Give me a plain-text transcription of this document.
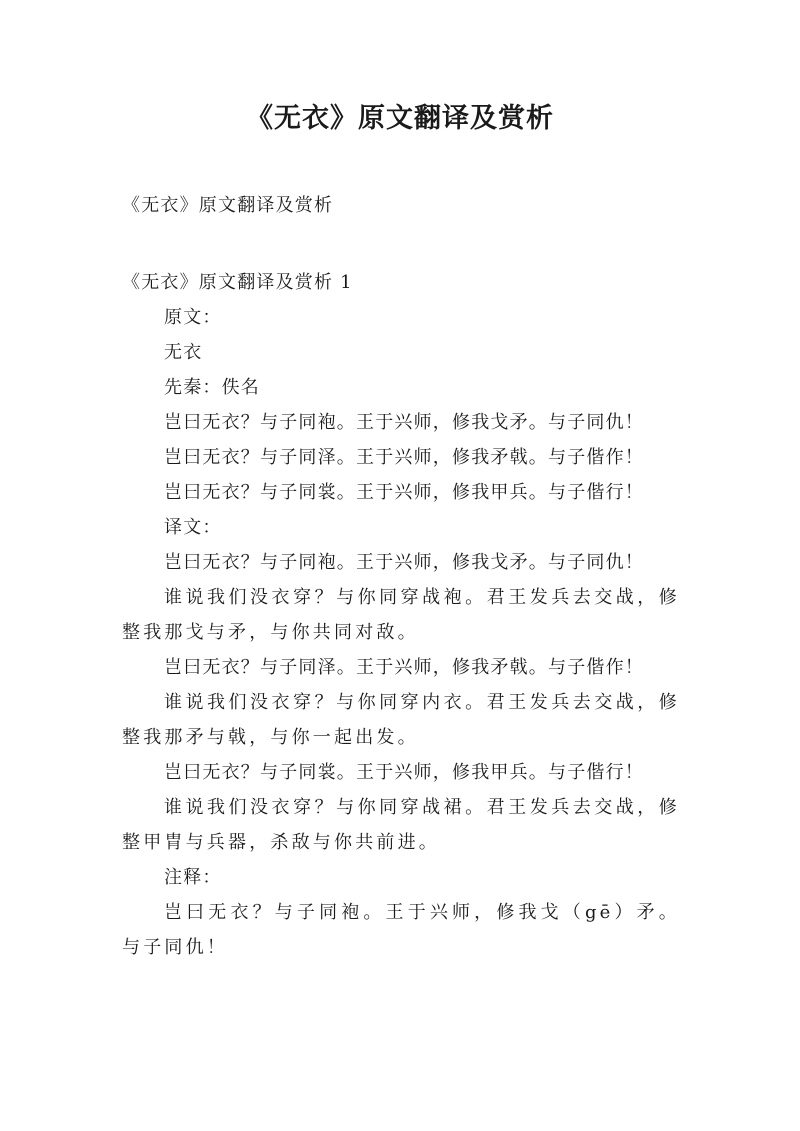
《无衣》原文翻译及赏析
《无衣》原文翻译及赏析
《无衣》原文翻译及赏析 1
原文：
无衣
先秦：佚名
岂曰无衣？与子同袍。王于兴师，修我戈矛。与子同仇！
岂曰无衣？与子同泽。王于兴师，修我矛戟。与子偕作！
岂曰无衣？与子同裳。王于兴师，修我甲兵。与子偕行！
译文：
岂曰无衣？与子同袍。王于兴师，修我戈矛。与子同仇！

谁说我们没衣穿？与你同穿战袍。君王发兵去交战，修整我那戈与矛，与你共同对敌。

岂曰无衣？与子同泽。王于兴师，修我矛戟。与子偕作！

谁说我们没衣穿？与你同穿内衣。君王发兵去交战，修整我那矛与戟，与你一起出发。

岂曰无衣？与子同裳。王于兴师，修我甲兵。与子偕行！

谁说我们没衣穿？与你同穿战裙。君王发兵去交战，修整甲胄与兵器，杀敌与你共前进。

注释：

岂曰无衣？与子同袍。王于兴师，修我戈（gē）矛。与子同仇！
